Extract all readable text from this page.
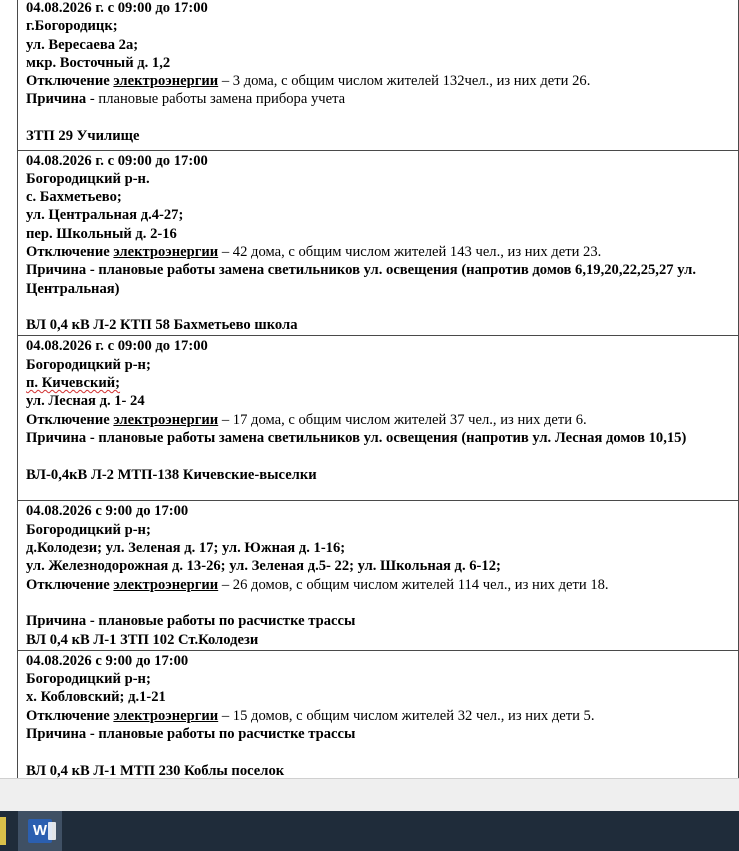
04.08.2026 г. с 09:00 до 17:00
г.Богородицк;
ул. Вересаева 2а;
мкр. Восточный д. 1,2
Отключение электроэнергии – 3 дома, с общим числом жителей 132чел., из них дети 26.
Причина - плановые работы замена прибора учета
ЗТП 29 Училище

04.08.2026 г. с 09:00 до 17:00
Богородицкий р-н.
с. Бахметьево;
ул. Центральная д.4-27;
пер. Школьный д. 2-16
Отключение электроэнергии – 42 дома, с общим числом жителей 143 чел., из них дети 23.
Причина - плановые работы замена светильников ул. освещения (напротив домов 6,19,20,22,25,27 ул. Центральная)
ВЛ 0,4 кВ Л-2 КТП 58 Бахметьево школа

04.08.2026 г. с 09:00 до 17:00
Богородицкий р-н;
п. Кичевский;
ул. Лесная д. 1- 24
Отключение электроэнергии – 17 дома, с общим числом жителей 37 чел., из них дети 6.
Причина - плановые работы замена светильников ул. освещения (напротив ул. Лесная домов 10,15)
ВЛ-0,4кВ Л-2 МТП-138 Кичевские-выселки

04.08.2026 с 9:00 до 17:00
Богородицкий р-н;
д.Колодези; ул. Зеленая д. 17; ул. Южная д. 1-16;
ул. Железнодорожная д. 13-26; ул. Зеленая д.5- 22; ул. Школьная д. 6-12;
Отключение электроэнергии – 26 домов, с общим числом жителей 114 чел., из них дети 18.
Причина - плановые работы по расчистке трассы
ВЛ 0,4 кВ Л-1 ЗТП 102 Ст.Колодези

04.08.2026 с 9:00 до 17:00
Богородицкий р-н;
х. Кобловский; д.1-21
Отключение электроэнергии – 15 домов, с общим числом жителей 32 чел., из них дети 5.
Причина - плановые работы по расчистке трассы
ВЛ 0,4 кВ Л-1 МТП 230 Коблы поселок
W
